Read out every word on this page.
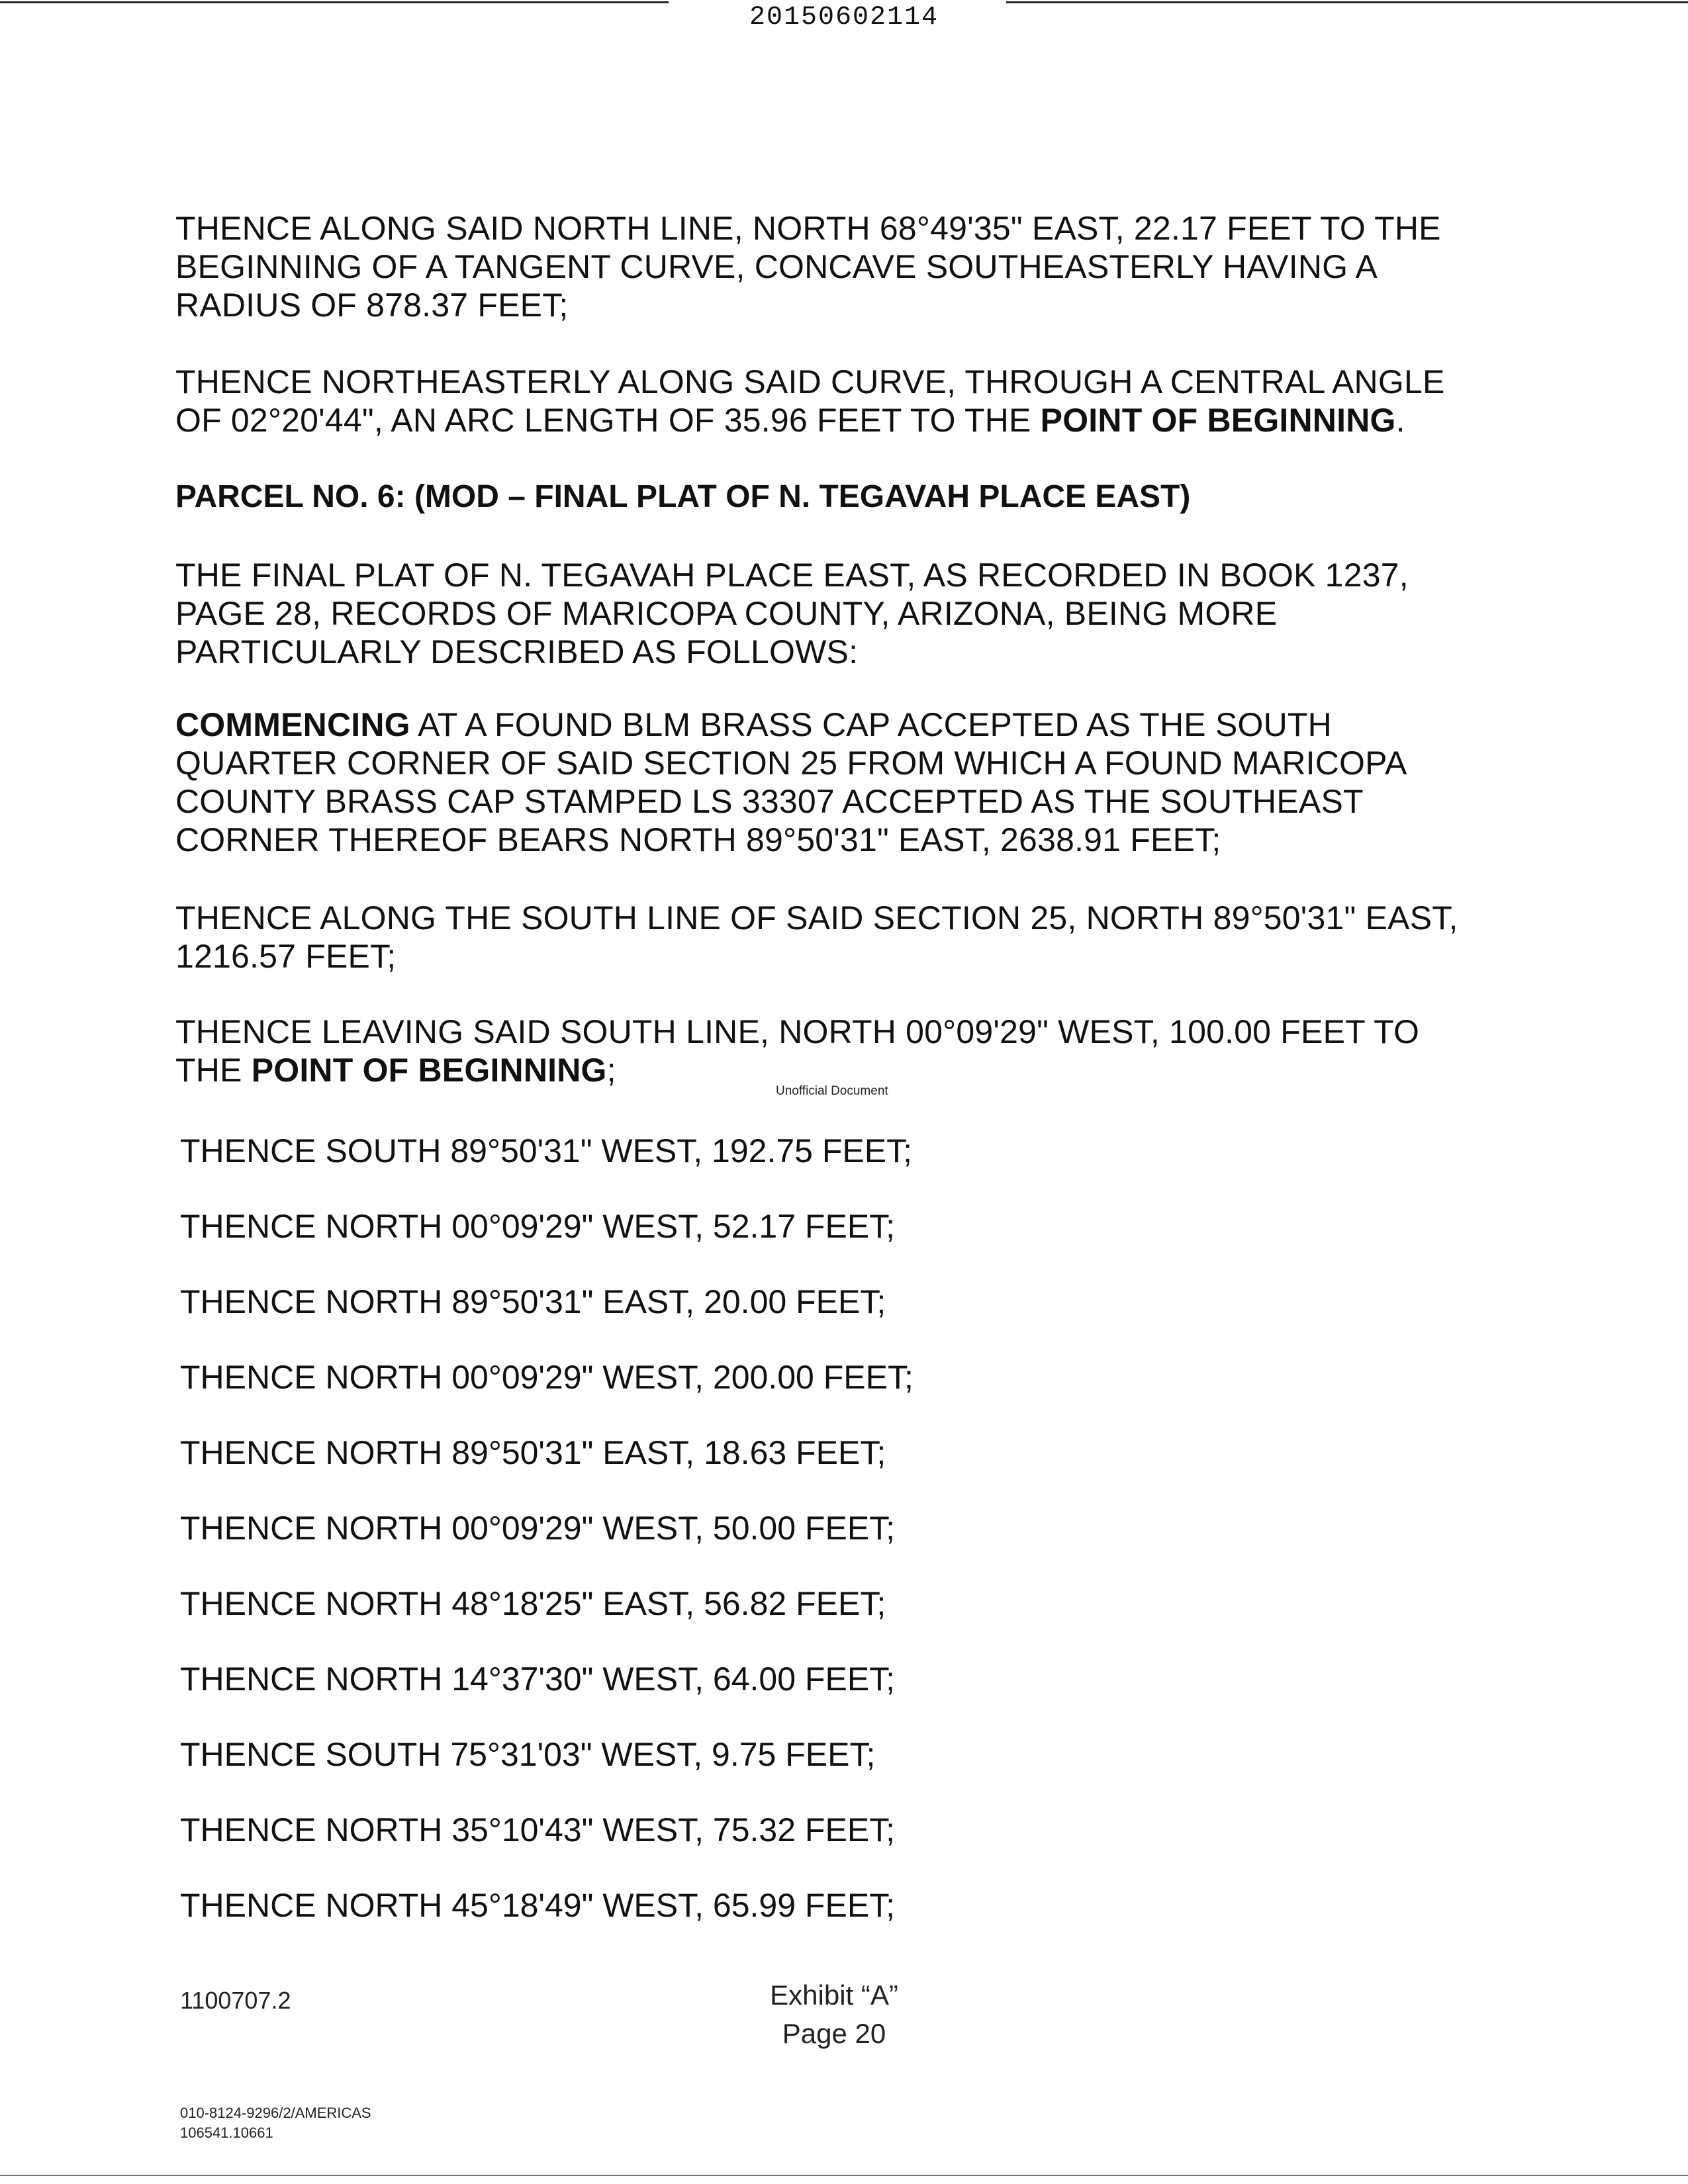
20150602114
THENCE ALONG SAID NORTH LINE, NORTH 68°49'35" EAST, 22.17 FEET TO THE BEGINNING OF A TANGENT CURVE, CONCAVE SOUTHEASTERLY HAVING A RADIUS OF 878.37 FEET;
THENCE NORTHEASTERLY ALONG SAID CURVE, THROUGH A CENTRAL ANGLE OF 02°20'44", AN ARC LENGTH OF 35.96 FEET TO THE POINT OF BEGINNING.
PARCEL NO. 6: (MOD – FINAL PLAT OF N. TEGAVAH PLACE EAST)
THE FINAL PLAT OF N. TEGAVAH PLACE EAST, AS RECORDED IN BOOK 1237, PAGE 28, RECORDS OF MARICOPA COUNTY, ARIZONA, BEING MORE PARTICULARLY DESCRIBED AS FOLLOWS:
COMMENCING AT A FOUND BLM BRASS CAP ACCEPTED AS THE SOUTH QUARTER CORNER OF SAID SECTION 25 FROM WHICH A FOUND MARICOPA COUNTY BRASS CAP STAMPED LS 33307 ACCEPTED AS THE SOUTHEAST CORNER THEREOF BEARS NORTH 89°50'31" EAST, 2638.91 FEET;
THENCE ALONG THE SOUTH LINE OF SAID SECTION 25, NORTH 89°50'31" EAST, 1216.57 FEET;
THENCE LEAVING SAID SOUTH LINE, NORTH 00°09'29" WEST, 100.00 FEET TO THE POINT OF BEGINNING;
Unofficial Document
THENCE SOUTH 89°50'31" WEST, 192.75 FEET;
THENCE NORTH 00°09'29" WEST, 52.17 FEET;
THENCE NORTH 89°50'31" EAST, 20.00 FEET;
THENCE NORTH 00°09'29" WEST, 200.00 FEET;
THENCE NORTH 89°50'31" EAST, 18.63 FEET;
THENCE NORTH 00°09'29" WEST, 50.00 FEET;
THENCE NORTH 48°18'25" EAST, 56.82 FEET;
THENCE NORTH 14°37'30" WEST, 64.00 FEET;
THENCE SOUTH 75°31'03" WEST, 9.75 FEET;
THENCE NORTH 35°10'43" WEST, 75.32 FEET;
THENCE NORTH 45°18'49" WEST, 65.99 FEET;
1100707.2	Exhibit “A”
Page 20
010-8124-9296/2/AMERICAS
106541.10661
